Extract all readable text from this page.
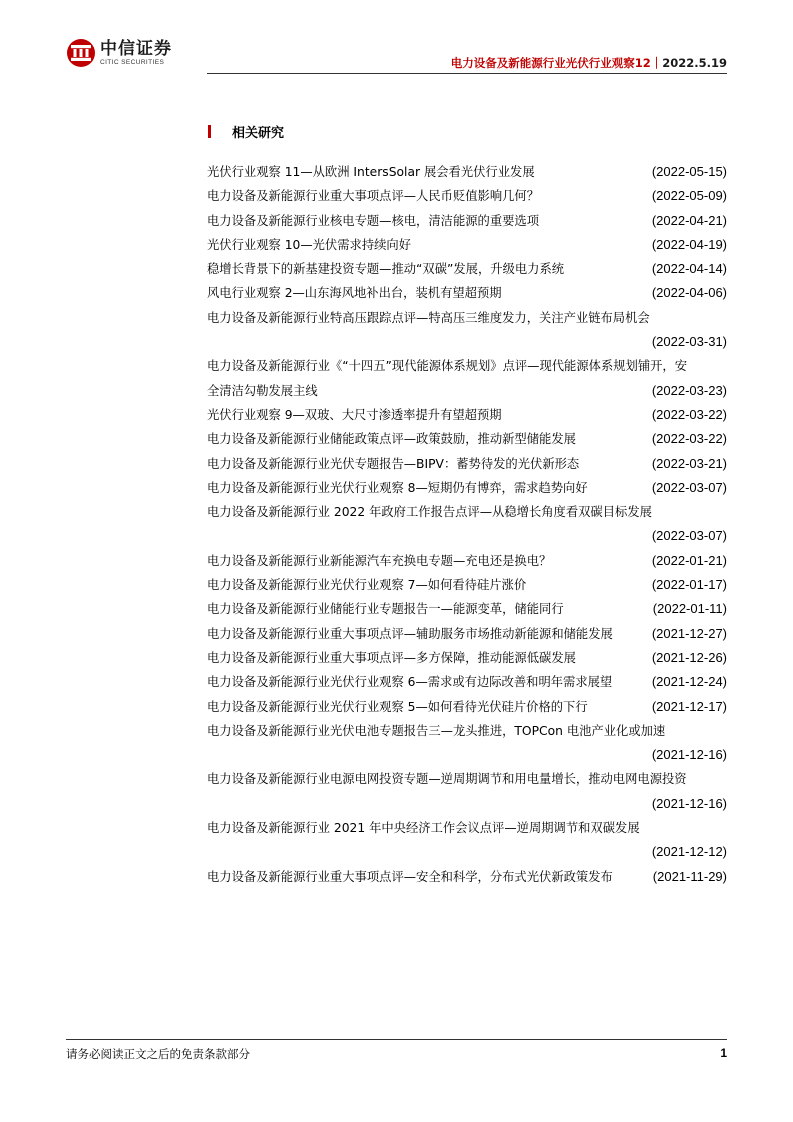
中信证券
CITIC SECURITIES	电力设备及新能源行业光伏行业观察12｜2022.5.19
相关研究
光伏行业观察 11—从欧洲 IntersSolar 展会看光伏行业发展	(2022-05-15)
电力设备及新能源行业重大事项点评—人民币贬值影响几何？	(2022-05-09)
电力设备及新能源行业核电专题—核电，清洁能源的重要选项	(2022-04-21)
光伏行业观察 10—光伏需求持续向好	(2022-04-19)
稳增长背景下的新基建投资专题—推动“双碳”发展，升级电力系统	(2022-04-14)
风电行业观察 2—山东海风地补出台，装机有望超预期	(2022-04-06)
电力设备及新能源行业特高压跟踪点评—特高压三维度发力，关注产业链布局机会
(2022-03-31)
电力设备及新能源行业《“十四五”现代能源体系规划》点评—现代能源体系规划铺开，安
全清洁勾勒发展主线	(2022-03-23)
光伏行业观察 9—双玻、大尺寸渗透率提升有望超预期	(2022-03-22)
电力设备及新能源行业储能政策点评—政策鼓励，推动新型储能发展	(2022-03-22)
电力设备及新能源行业光伏专题报告—BIPV：蓄势待发的光伏新形态	(2022-03-21)
电力设备及新能源行业光伏行业观察 8—短期仍有博弈，需求趋势向好	(2022-03-07)
电力设备及新能源行业 2022 年政府工作报告点评—从稳增长角度看双碳目标发展
(2022-03-07)
电力设备及新能源行业新能源汽车充换电专题—充电还是换电？	(2022-01-21)
电力设备及新能源行业光伏行业观察 7—如何看待硅片涨价	(2022-01-17)
电力设备及新能源行业储能行业专题报告一—能源变革，储能同行	(2022-01-11)
电力设备及新能源行业重大事项点评—辅助服务市场推动新能源和储能发展	(2021-12-27)
电力设备及新能源行业重大事项点评—多方保障，推动能源低碳发展	(2021-12-26)
电力设备及新能源行业光伏行业观察 6—需求或有边际改善和明年需求展望	(2021-12-24)
电力设备及新能源行业光伏行业观察 5—如何看待光伏硅片价格的下行	(2021-12-17)
电力设备及新能源行业光伏电池专题报告三—龙头推进，TOPCon 电池产业化或加速
(2021-12-16)
电力设备及新能源行业电源电网投资专题—逆周期调节和用电量增长，推动电网电源投资
(2021-12-16)
电力设备及新能源行业 2021 年中央经济工作会议点评—逆周期调节和双碳发展
(2021-12-12)
电力设备及新能源行业重大事项点评—安全和科学，分布式光伏新政策发布	(2021-11-29)
请务必阅读正文之后的免责条款部分	1
